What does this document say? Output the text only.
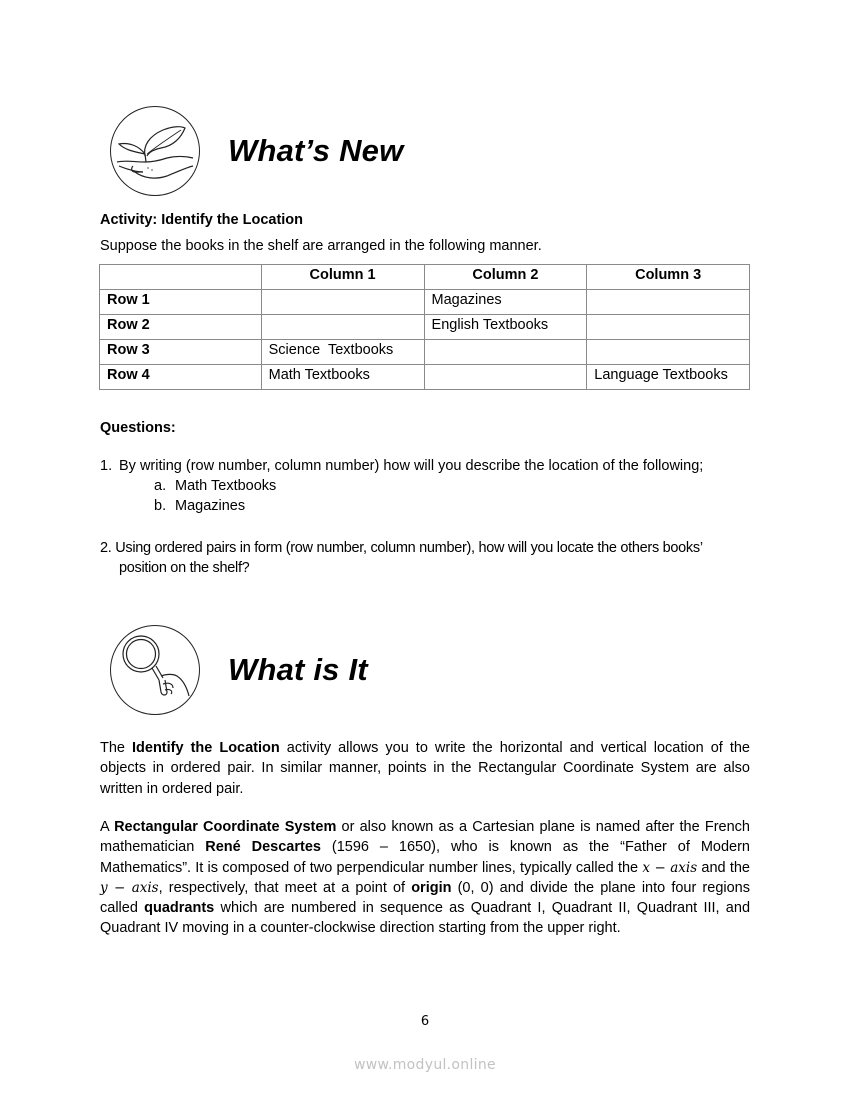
What’s New
Activity: Identify the Location
Suppose the books in the shelf are arranged in the following manner.
	Column 1	Column 2	Column 3
Row 1		Magazines	
Row 2		English Textbooks	
Row 3	Science  Textbooks		
Row 4	Math Textbooks		Language Textbooks
Questions:
1. By writing (row number, column number) how will you describe the location of the following;
a. Math Textbooks
b. Magazines
2. Using ordered pairs in form (row number, column number), how will you locate the others books’
position on the shelf?
What is It
The Identify the Location activity allows you to write the horizontal and vertical location of the objects in ordered pair. In similar manner, points in the Rectangular Coordinate System are also written in ordered pair.
A Rectangular Coordinate System or also known as a Cartesian plane is named after the French mathematician René Descartes (1596 – 1650), who is known as the “Father of Modern Mathematics”. It is composed of two perpendicular number lines, typically called the x − axis and the y − axis, respectively, that meet at a point of origin (0, 0) and divide the plane into four regions called quadrants which are numbered in sequence as Quadrant I, Quadrant II, Quadrant III, and Quadrant IV moving in a counter-clockwise direction starting from the upper right.
6
www.modyul.online
